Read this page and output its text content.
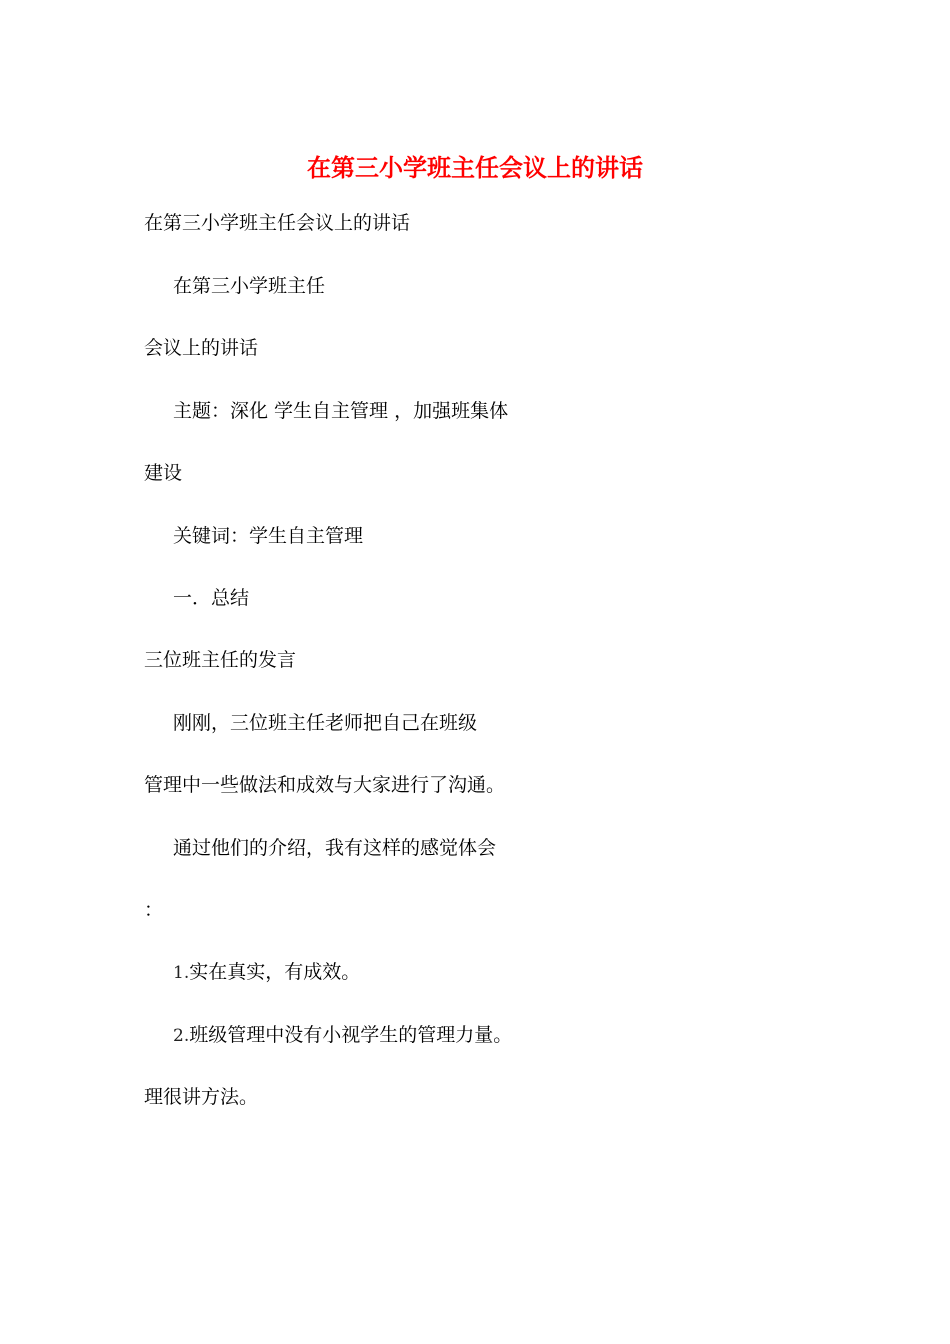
在第三小学班主任会议上的讲话

在第三小学班主任会议上的讲话

在第三小学班主任

会议上的讲话

主题：深化 学生自主管理 ，加强班集体

建设

关键词：学生自主管理

一．总结

三位班主任的发言

刚刚，三位班主任老师把自己在班级

管理中一些做法和成效与大家进行了沟通。

通过他们的介绍，我有这样的感觉体会

：

1.实在真实，有成效。

2.班级管理中没有小视学生的管理力量。

理很讲方法。
